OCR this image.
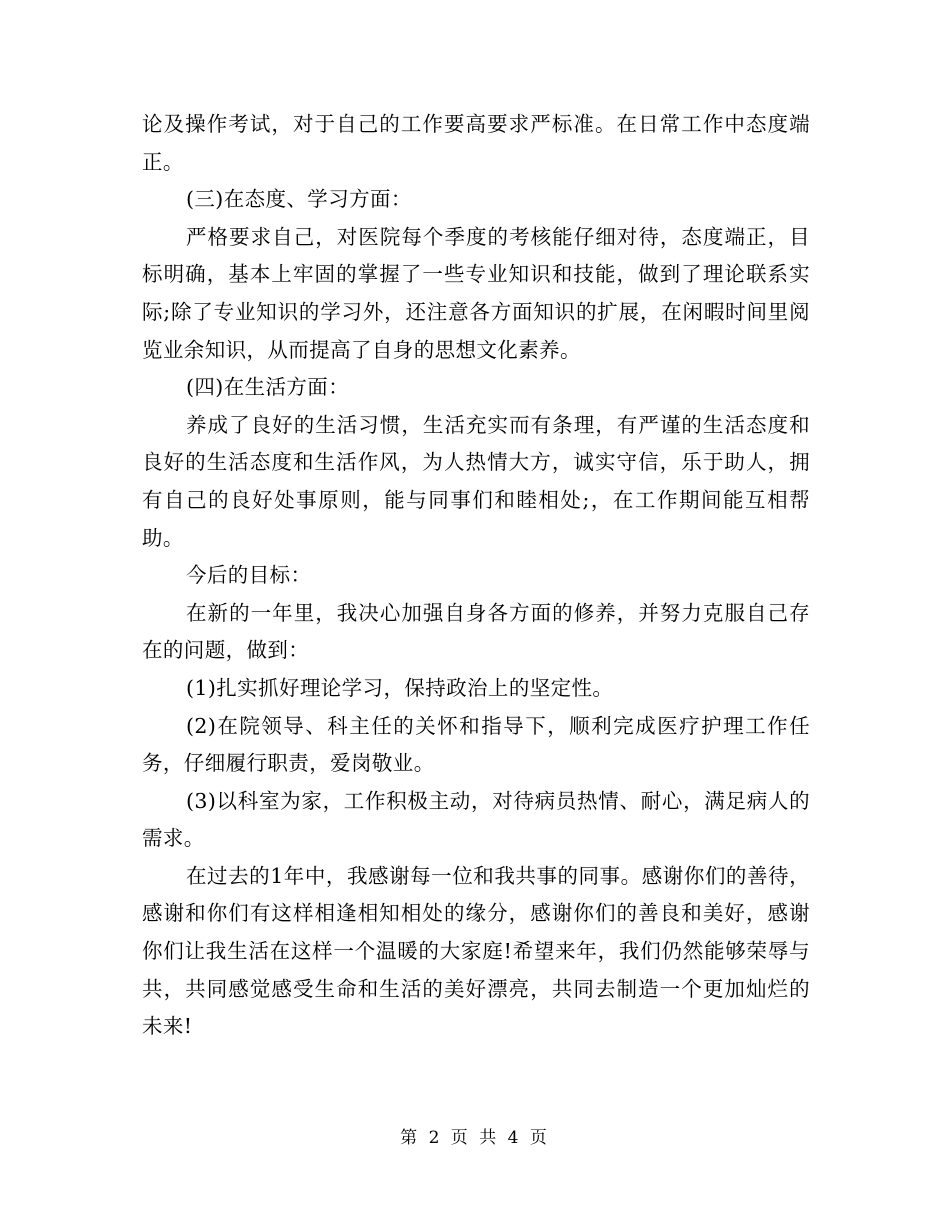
论及操作考试，对于自己的工作要高要求严标准。在日常工作中态度端正。

(三)在态度、学习方面：

严格要求自己，对医院每个季度的考核能仔细对待，态度端正，目标明确，基本上牢固的掌握了一些专业知识和技能，做到了理论联系实际;除了专业知识的学习外，还注意各方面知识的扩展，在闲暇时间里阅览业余知识，从而提高了自身的思想文化素养。

(四)在生活方面：

养成了良好的生活习惯，生活充实而有条理，有严谨的生活态度和良好的生活态度和生活作风，为人热情大方，诚实守信，乐于助人，拥有自己的良好处事原则，能与同事们和睦相处;，在工作期间能互相帮助。

今后的目标：

在新的一年里，我决心加强自身各方面的修养，并努力克服自己存在的问题，做到：

(1)扎实抓好理论学习，保持政治上的坚定性。

(2)在院领导、科主任的关怀和指导下，顺利完成医疗护理工作任务，仔细履行职责，爱岗敬业。

(3)以科室为家，工作积极主动，对待病员热情、耐心，满足病人的需求。

在过去的1年中，我感谢每一位和我共事的同事。感谢你们的善待，感谢和你们有这样相逢相知相处的缘分，感谢你们的善良和美好，感谢你们让我生活在这样一个温暖的大家庭!希望来年，我们仍然能够荣辱与共，共同感觉感受生命和生活的美好漂亮，共同去制造一个更加灿烂的未来!

第 2 页 共 4 页
